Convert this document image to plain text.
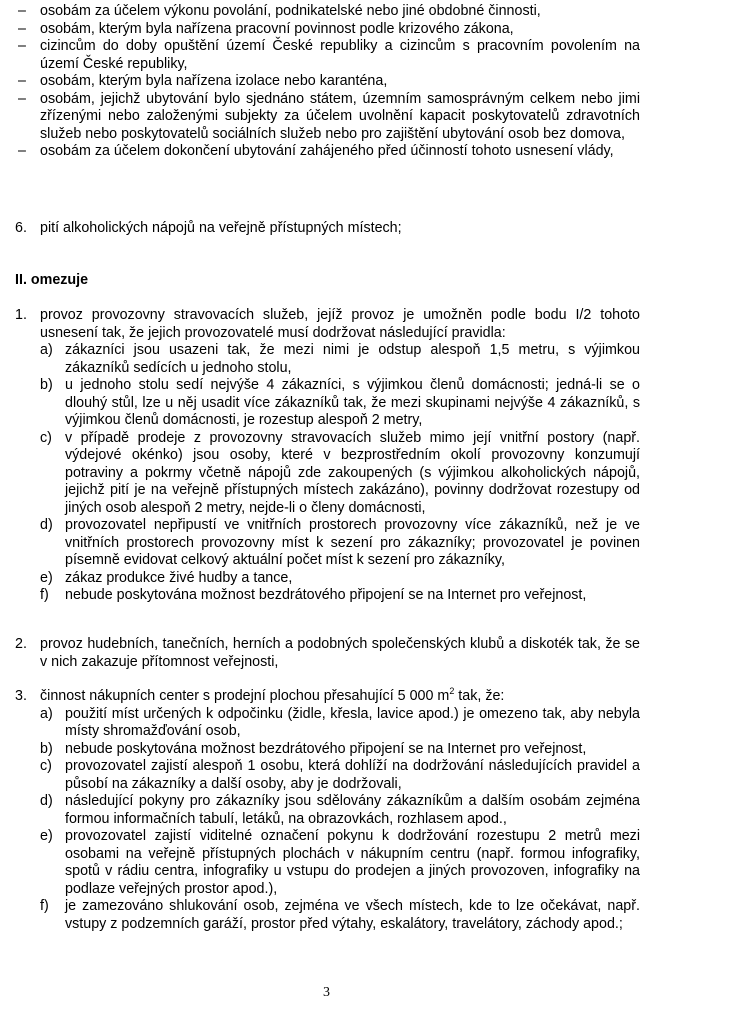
– osobám za účelem výkonu povolání, podnikatelské nebo jiné obdobné činnosti,
– osobám, kterým byla nařízena pracovní povinnost podle krizového zákona,
– cizincům do doby opuštění území České republiky a cizincům s pracovním povolením na území České republiky,
– osobám, kterým byla nařízena izolace nebo karanténa,
– osobám, jejichž ubytování bylo sjednáno státem, územním samosprávným celkem nebo jimi zřízenými nebo založenými subjekty za účelem uvolnění kapacit poskytovatelů zdravotních služeb nebo poskytovatelů sociálních služeb nebo pro zajištění ubytování osob bez domova,
– osobám za účelem dokončení ubytování zahájeného před účinností tohoto usnesení vlády,
6. pití alkoholických nápojů na veřejně přístupných místech;
II. omezuje
1. provoz provozovny stravovacích služeb, jejíž provoz je umožněn podle bodu I/2 tohoto usnesení tak, že jejich provozovatelé musí dodržovat následující pravidla:
a) zákazníci jsou usazeni tak, že mezi nimi je odstup alespoň 1,5 metru, s výjimkou zákazníků sedících u jednoho stolu,
b) u jednoho stolu sedí nejvýše 4 zákazníci, s výjimkou členů domácnosti; jedná-li se o dlouhý stůl, lze u něj usadit více zákazníků tak, že mezi skupinami nejvýše 4 zákazníků, s výjimkou členů domácnosti, je rozestup alespoň 2 metry,
c) v případě prodeje z provozovny stravovacích služeb mimo její vnitřní postory (např. výdejové okénko) jsou osoby, které v bezprostředním okolí provozovny konzumují potraviny a pokrmy včetně nápojů zde zakoupených (s výjimkou alkoholických nápojů, jejichž pití je na veřejně přístupných místech zakázáno), povinny dodržovat rozestupy od jiných osob alespoň 2 metry, nejde-li o členy domácnosti,
d) provozovatel nepřipustí ve vnitřních prostorech provozovny více zákazníků, než je ve vnitřních prostorech provozovny míst k sezení pro zákazníky; provozovatel je povinen písemně evidovat celkový aktuální počet míst k sezení pro zákazníky,
e) zákaz produkce živé hudby a tance,
f) nebude poskytována možnost bezdrátového připojení se na Internet pro veřejnost,
2. provoz hudebních, tanečních, herních a podobných společenských klubů a diskoték tak, že se v nich zakazuje přítomnost veřejnosti,
3. činnost nákupních center s prodejní plochou přesahující 5 000 $m^2$ tak, že:
a) použití míst určených k odpočinku (židle, křesla, lavice apod.) je omezeno tak, aby nebyla místy shromažďování osob,
b) nebude poskytována možnost bezdrátového připojení se na Internet pro veřejnost,
c) provozovatel zajistí alespoň 1 osobu, která dohlíží na dodržování následujících pravidel a působí na zákazníky a další osoby, aby je dodržovali,
d) následující pokyny pro zákazníky jsou sdělovány zákazníkům a dalším osobám zejména formou informačních tabulí, letáků, na obrazovkách, rozhlasem apod.,
e) provozovatel zajistí viditelné označení pokynu k dodržování rozestupu 2 metrů mezi osobami na veřejně přístupných plochách v nákupním centru (např. formou infografiky, spotů v rádiu centra, infografiky u vstupu do prodejen a jiných provozoven, infografiky na podlaze veřejných prostor apod.),
f) je zamezováno shlukování osob, zejména ve všech místech, kde to lze očekávat, např. vstupy z podzemních garáží, prostor před výtahy, eskalátory, travelátory, záchody apod.;
3
